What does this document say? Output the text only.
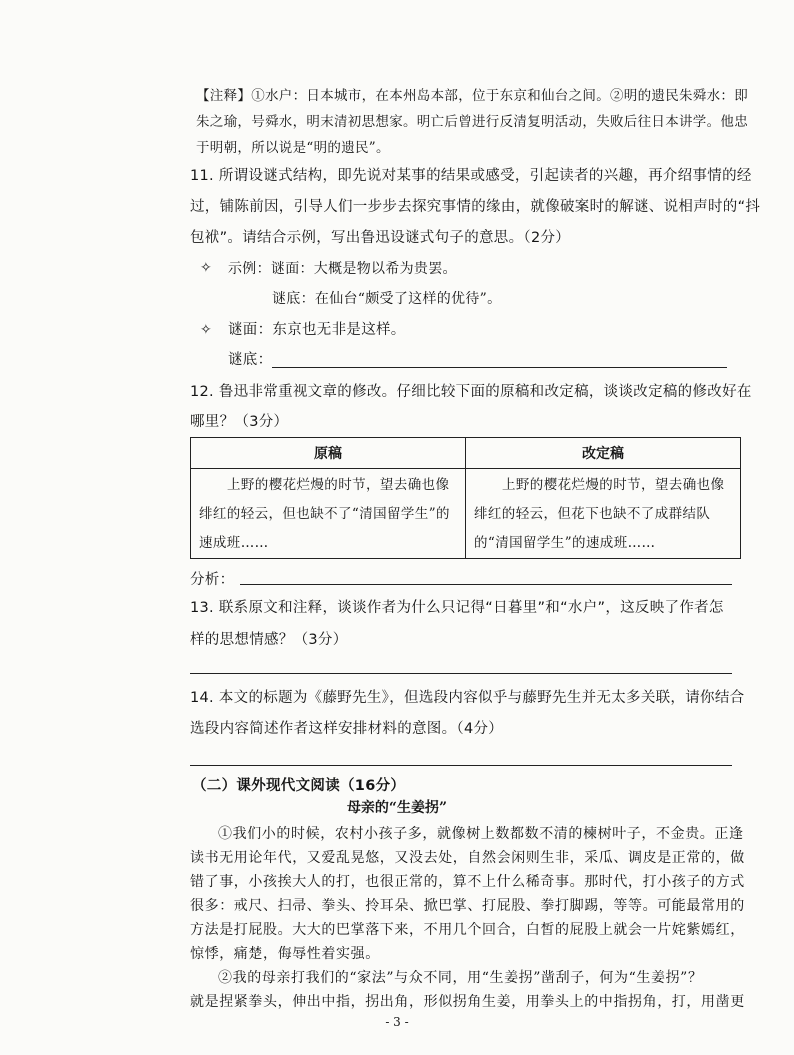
【注释】①水户：日本城市，在本州岛本部，位于东京和仙台之间。②明的遗民朱舜水：即
朱之瑜，号舜水，明末清初思想家。明亡后曾进行反清复明活动，失败后往日本讲学。他忠
于明朝，所以说是“明的遗民”。
11. 所谓设谜式结构，即先说对某事的结果或感受，引起读者的兴趣，再介绍事情的经
过，铺陈前因，引导人们一步步去探究事情的缘由，就像破案时的解谜、说相声时的“抖
包袱”。请结合示例，写出鲁迅设谜式句子的意思。（2分）
✧ 示例：谜面：大概是物以希为贵罢。
谜底：在仙台“颇受了这样的优待”。
✧ 谜面：东京也无非是这样。
谜底：
12. 鲁迅非常重视文章的修改。仔细比较下面的原稿和改定稿，谈谈改定稿的修改好在
哪里？（3分）
原稿	改定稿
上野的樱花烂熳的时节，望去确也像绯红的轻云，但也缺不了“清国留学生”的速成班……	上野的樱花烂熳的时节，望去确也像绯红的轻云，但花下也缺不了成群结队的“清国留学生”的速成班……
分析：
13. 联系原文和注释，谈谈作者为什么只记得“日暮里”和“水户”，这反映了作者怎
样的思想情感？（3分）
14. 本文的标题为《藤野先生》，但选段内容似乎与藤野先生并无太多关联，请你结合
选段内容简述作者这样安排材料的意图。（4分）
（二）课外现代文阅读（16分）
母亲的“生姜拐”
①我们小的时候，农村小孩子多，就像树上数都数不清的楝树叶子，不金贵。正逢
读书无用论年代，又爱乱晃悠，又没去处，自然会闲则生非，采瓜、调皮是正常的，做
错了事，小孩挨大人的打，也很正常的，算不上什么稀奇事。那时代，打小孩子的方式
很多：戒尺、扫帚、拳头、拎耳朵、掀巴掌、打屁股、拳打脚踢，等等。可能最常用的
方法是打屁股。大大的巴掌落下来，不用几个回合，白皙的屁股上就会一片姹紫嫣红，
惊悸，痛楚，侮辱性着实强。
②我的母亲打我们的“家法”与众不同，用“生姜拐”凿刮子，何为“生姜拐”？
就是捏紧拳头，伸出中指，拐出角，形似拐角生姜，用拳头上的中指拐角，打，用凿更
- 3 -
